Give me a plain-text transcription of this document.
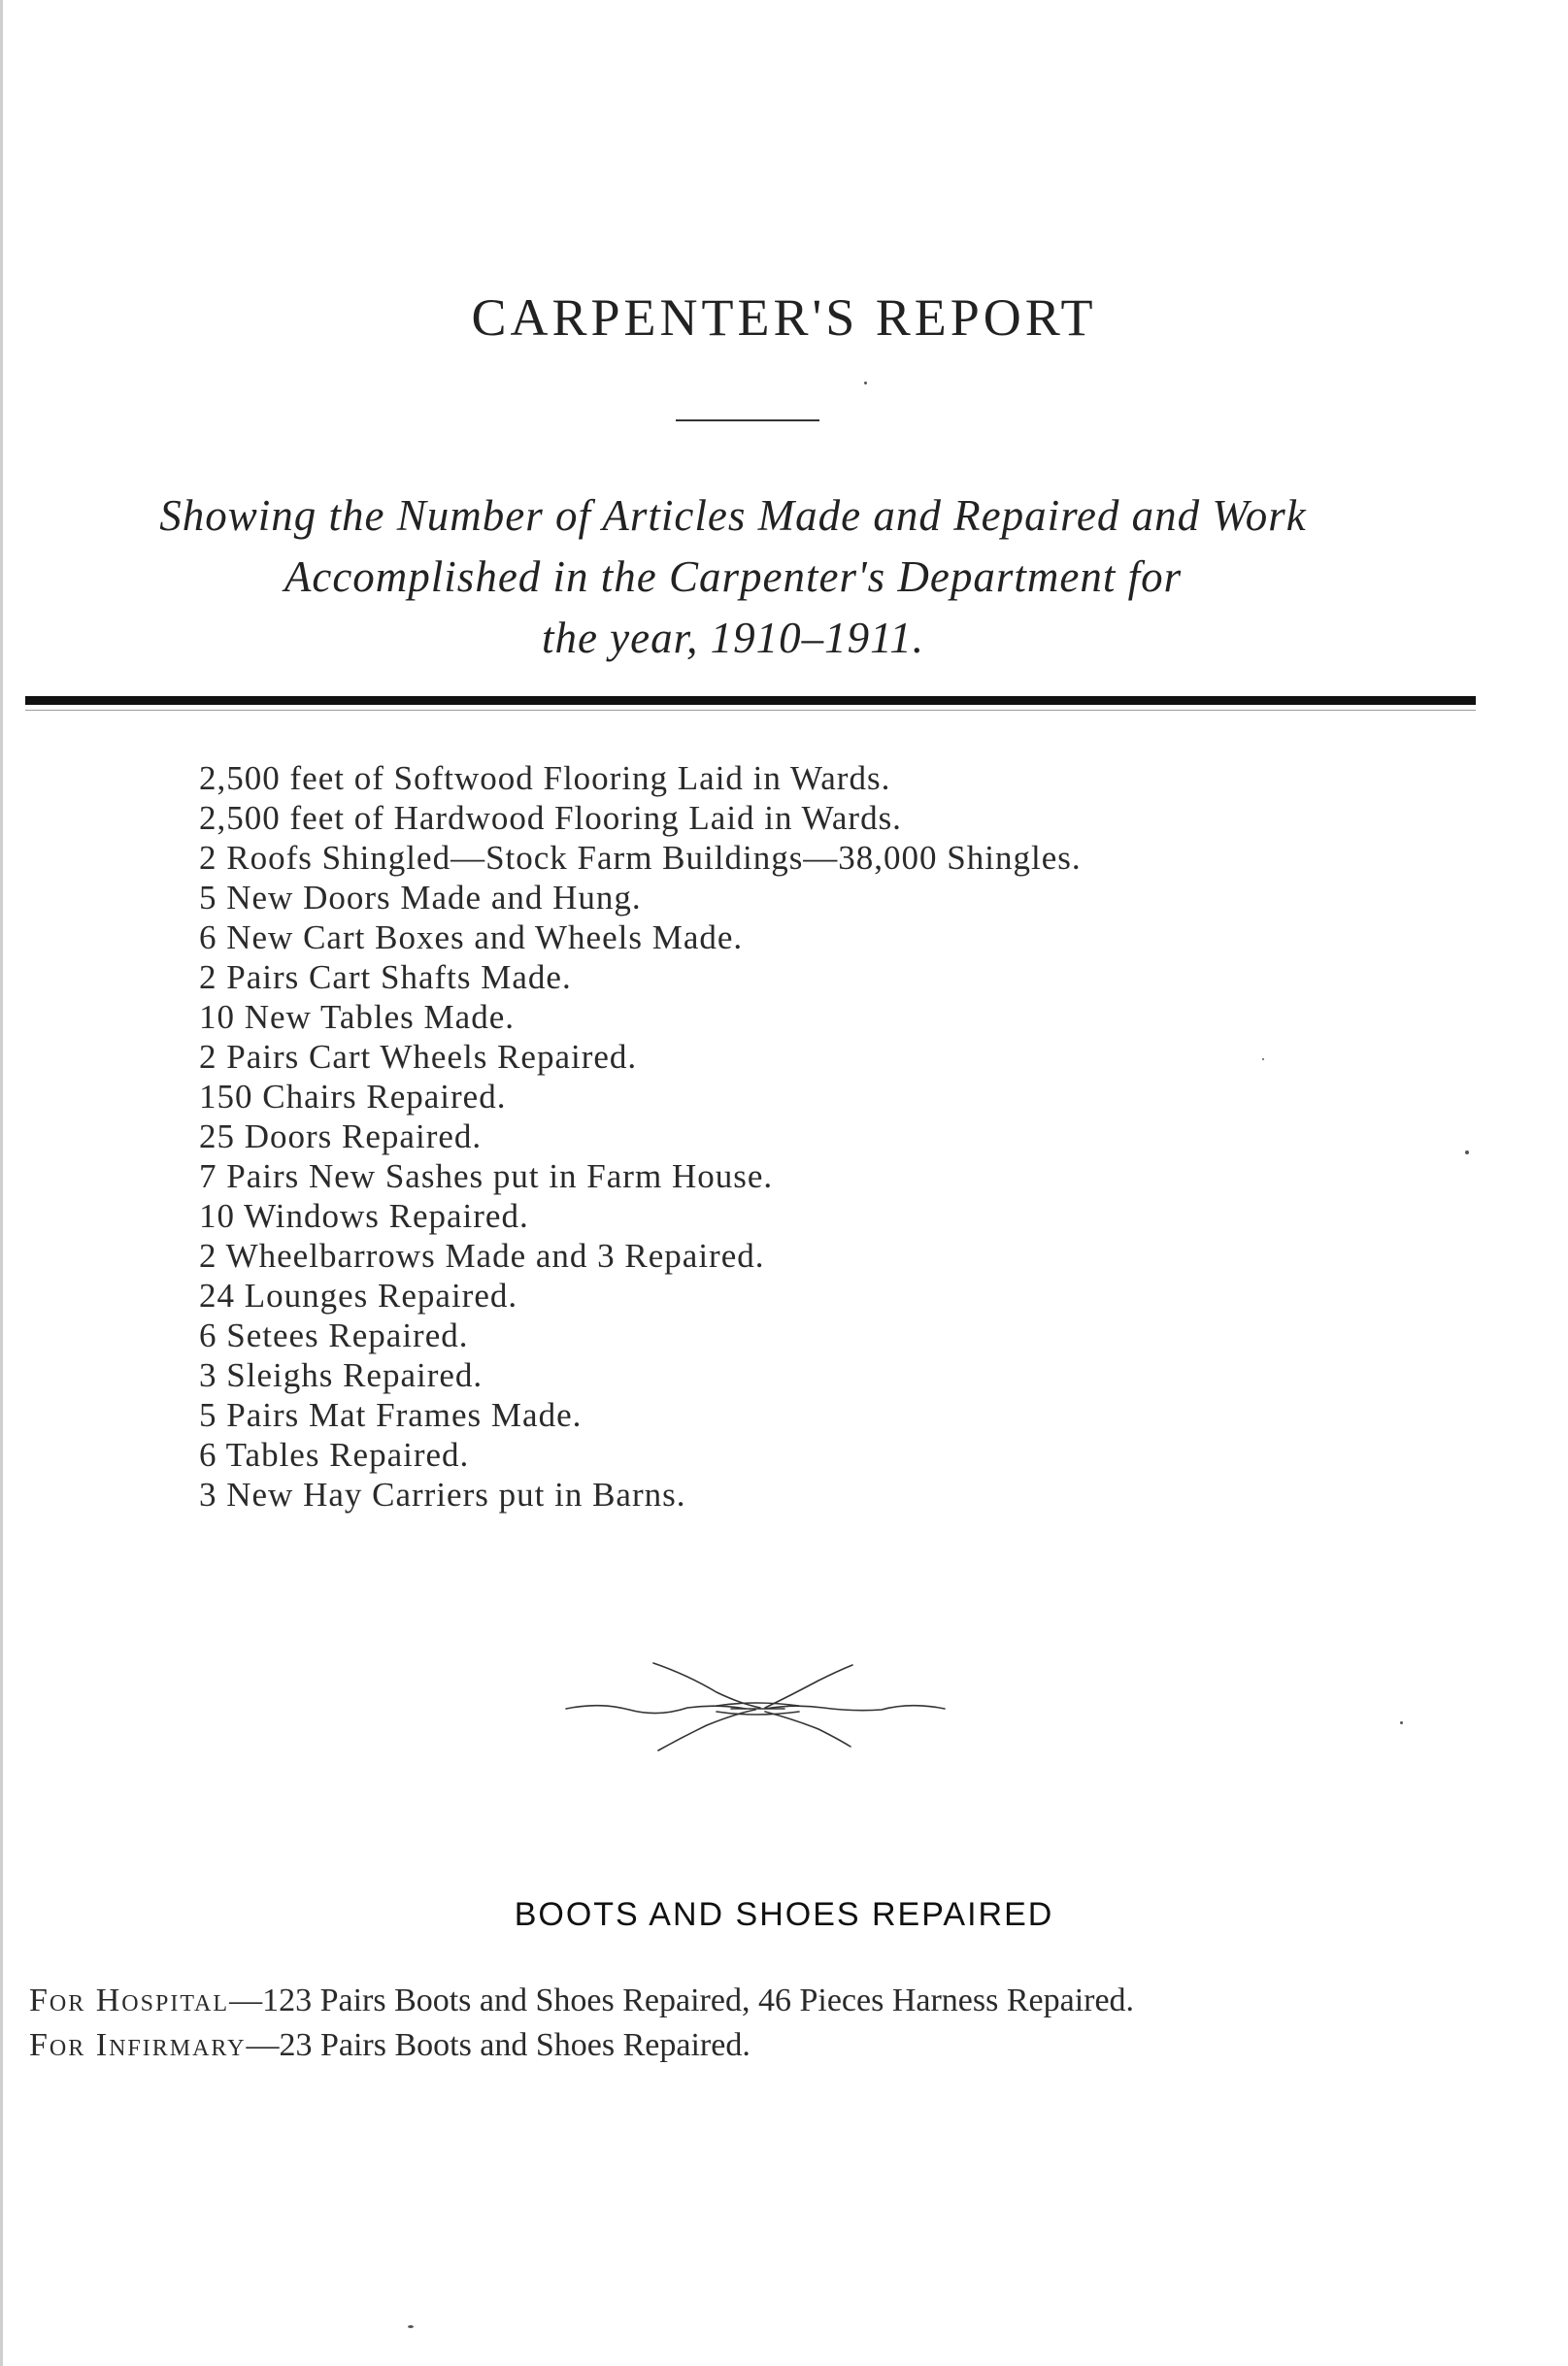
CARPENTER'S REPORT
Showing the Number of Articles Made and Repaired and Work
Accomplished in the Carpenter's Department for
the year, 1910–1911.
2,500 feet of Softwood Flooring Laid in Wards.
2,500 feet of Hardwood Flooring Laid in Wards.
2 Roofs Shingled—Stock Farm Buildings—38,000 Shingles.
5 New Doors Made and Hung.
6 New Cart Boxes and Wheels Made.
2 Pairs Cart Shafts Made.
10 New Tables Made.
2 Pairs Cart Wheels Repaired.
150 Chairs Repaired.
25 Doors Repaired.
7 Pairs New Sashes put in Farm House.
10 Windows Repaired.
2 Wheelbarrows Made and 3 Repaired.
24 Lounges Repaired.
6 Setees Repaired.
3 Sleighs Repaired.
5 Pairs Mat Frames Made.
6 Tables Repaired.
3 New Hay Carriers put in Barns.
BOOTS AND SHOES REPAIRED
For Hospital—123 Pairs Boots and Shoes Repaired, 46 Pieces Harness Repaired.
For Infirmary—23 Pairs Boots and Shoes Repaired.
